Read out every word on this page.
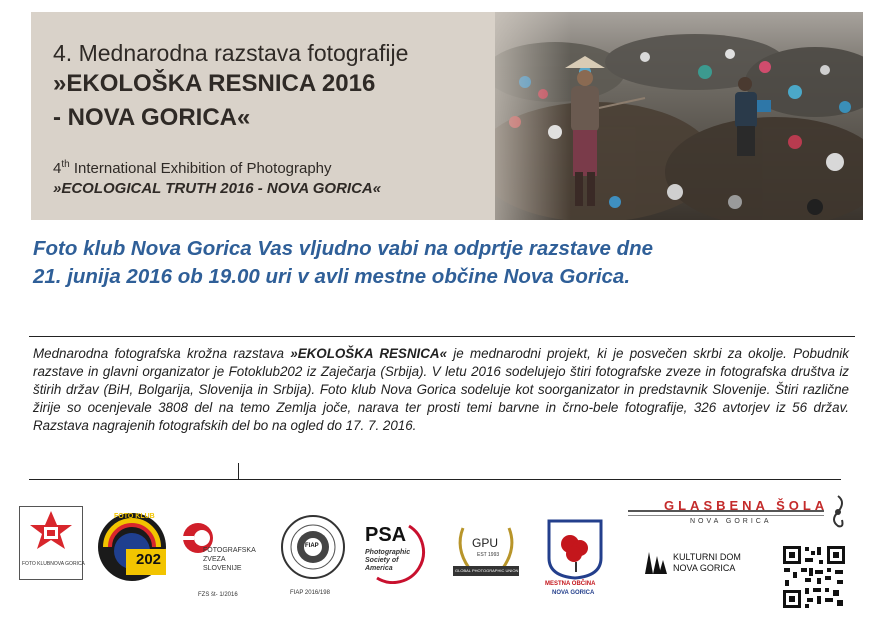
4. Mednarodna razstava fotografije
»EKOLOŠKA RESNICA 2016
- NOVA GORICA«
4th International Exhibition of Photography
»ECOLOGICAL TRUTH 2016 - NOVA GORICA«
Foto klub Nova Gorica Vas vljudno vabi na odprtje razstave dne
21. junija 2016 ob 19.00 uri v avli mestne občine Nova Gorica.
Mednarodna fotografska krožna razstava »EKOLOŠKA RESNICA« je mednarodni projekt, ki je posvečen skrbi za okolje. Pobudnik razstave in glavni organizator je Fotoklub202 iz Zaječarja (Srbija). V letu 2016 sodelujejo štiri fotografske zveze in fotografska društva iz štirih držav (BiH, Bolgarija, Slovenija in Srbija). Foto klub Nova Gorica sodeluje kot soorganizator in predstavnik Slovenije. Štiri različne žirije so ocenjevale 3808 del na temo Zemlja joče, narava ter prosti temi barvne in črno-bele fotografije, 326 avtorjev iz 56 držav. Razstava nagrajenih fotografskih del bo na ogled do 17. 7. 2016.
FOTO KLUB NOVA GORICA	202
FOTO KLUB
FOTOGRAFSKA
ZVEZA
SLOVENIJE
FZS št- 1/2016
FIAP
FIAP 2016/198
PSA
Photographic
Society of
America
GPU
EST 1993
GLOBAL PHOTOGRAPHIC UNION
MESTNA OBČINA
NOVA GORICA
GLASBENA ŠOLA
NOVA GORICA
KULTURNI DOM
NOVA GORICA
